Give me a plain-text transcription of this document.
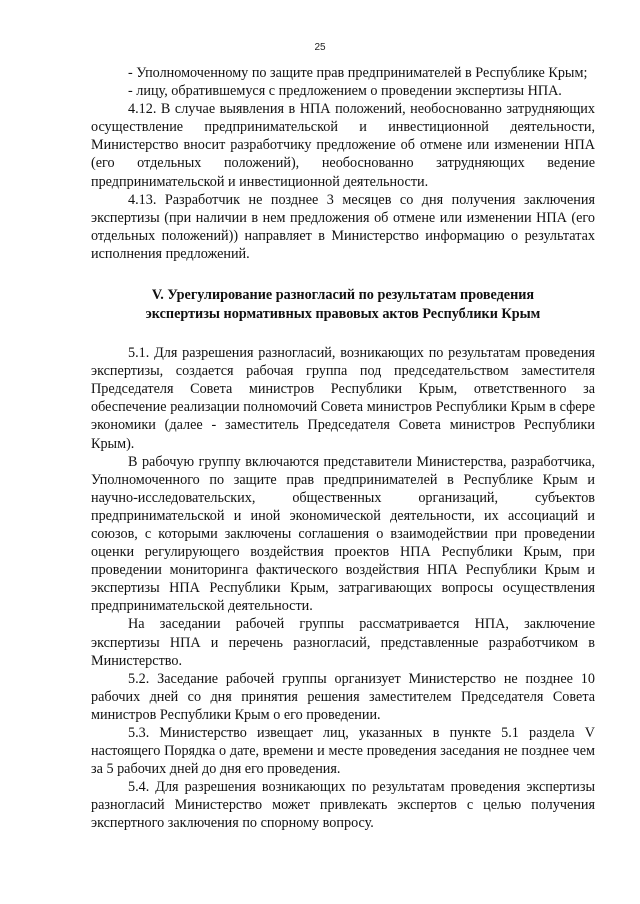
25

- Уполномоченному по защите прав предпринимателей в Республике Крым;

- лицу, обратившемуся с предложением о проведении экспертизы НПА.

4.12. В случае выявления в НПА положений, необоснованно затрудняющих осуществление предпринимательской и инвестиционной деятельности, Министерство вносит разработчику предложение об отмене или изменении НПА (его отдельных положений), необоснованно затрудняющих ведение предпринимательской и инвестиционной деятельности.

4.13. Разработчик не позднее 3 месяцев со дня получения заключения экспертизы (при наличии в нем предложения об отмене или изменении НПА (его отдельных положений)) направляет в Министерство информацию о результатах исполнения предложений.

V. Урегулирование разногласий по результатам проведения
экспертизы нормативных правовых актов Республики Крым

5.1. Для разрешения разногласий, возникающих по результатам проведения экспертизы, создается рабочая группа под председательством заместителя Председателя Совета министров Республики Крым, ответственного за обеспечение реализации полномочий Совета министров Республики Крым в сфере экономики (далее - заместитель Председателя Совета министров Республики Крым).

В рабочую группу включаются представители Министерства, разработчика, Уполномоченного по защите прав предпринимателей в Республике Крым и научно-исследовательских, общественных организаций, субъектов предпринимательской и иной экономической деятельности, их ассоциаций и союзов, с которыми заключены соглашения о взаимодействии при проведении оценки регулирующего воздействия проектов НПА Республики Крым, при проведении мониторинга фактического воздействия НПА Республики Крым и экспертизы НПА Республики Крым, затрагивающих вопросы осуществления предпринимательской деятельности.

На заседании рабочей группы рассматривается НПА, заключение экспертизы НПА и перечень разногласий, представленные разработчиком в Министерство.

5.2. Заседание рабочей группы организует Министерство не позднее 10 рабочих дней со дня принятия решения заместителем Председателя Совета министров Республики Крым о его проведении.

5.3. Министерство извещает лиц, указанных в пункте 5.1 раздела V настоящего Порядка о дате, времени и месте проведения заседания не позднее чем за 5 рабочих дней до дня его проведения.

5.4. Для разрешения возникающих по результатам проведения экспертизы разногласий Министерство может привлекать экспертов с целью получения экспертного заключения по спорному вопросу.
